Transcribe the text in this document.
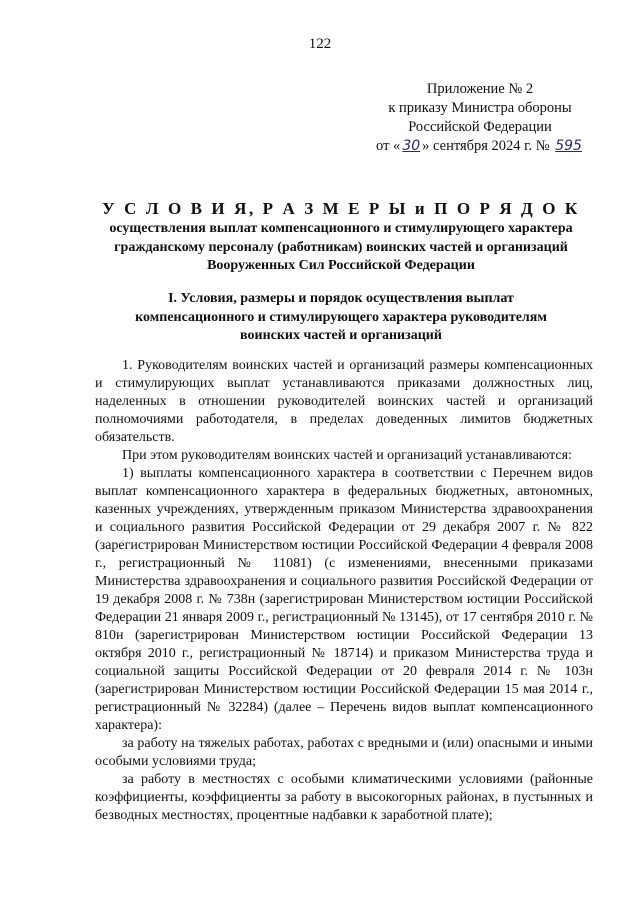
122
Приложение № 2
к приказу Министра обороны
Российской Федерации
от « 30 » сентября 2024 г. № 595
У С Л О В И Я, Р А З М Е Р Ы и П О Р Я Д О К
осуществления выплат компенсационного и стимулирующего характера
гражданскому персоналу (работникам) воинских частей и организаций
Вооруженных Сил Российской Федерации
I. Условия, размеры и порядок осуществления выплат
компенсационного и стимулирующего характера руководителям
воинских частей и организаций

1. Руководителям воинских частей и организаций размеры компенсационных и стимулирующих выплат устанавливаются приказами должностных лиц, наделенных в отношении руководителей воинских частей и организаций полномочиями работодателя, в пределах доведенных лимитов бюджетных обязательств.

При этом руководителям воинских частей и организаций устанавливаются:

1) выплаты компенсационного характера в соответствии с Перечнем видов выплат компенсационного характера в федеральных бюджетных, автономных, казенных учреждениях, утвержденным приказом Министерства здравоохранения и социального развития Российской Федерации от 29 декабря 2007 г. № 822 (зарегистрирован Министерством юстиции Российской Федерации 4 февраля 2008 г., регистрационный № 11081) (с изменениями, внесенными приказами Министерства здравоохранения и социального развития Российской Федерации от 19 декабря 2008 г. № 738н (зарегистрирован Министерством юстиции Российской Федерации 21 января 2009 г., регистрационный № 13145), от 17 сентября 2010 г. № 810н (зарегистрирован Министерством юстиции Российской Федерации 13 октября 2010 г., регистрационный № 18714) и приказом Министерства труда и социальной защиты Российской Федерации от 20 февраля 2014 г. № 103н (зарегистрирован Министерством юстиции Российской Федерации 15 мая 2014 г., регистрационный № 32284) (далее – Перечень видов выплат компенсационного характера):

за работу на тяжелых работах, работах с вредными и (или) опасными и иными особыми условиями труда;

за работу в местностях с особыми климатическими условиями (районные коэффициенты, коэффициенты за работу в высокогорных районах, в пустынных и безводных местностях, процентные надбавки к заработной плате);
